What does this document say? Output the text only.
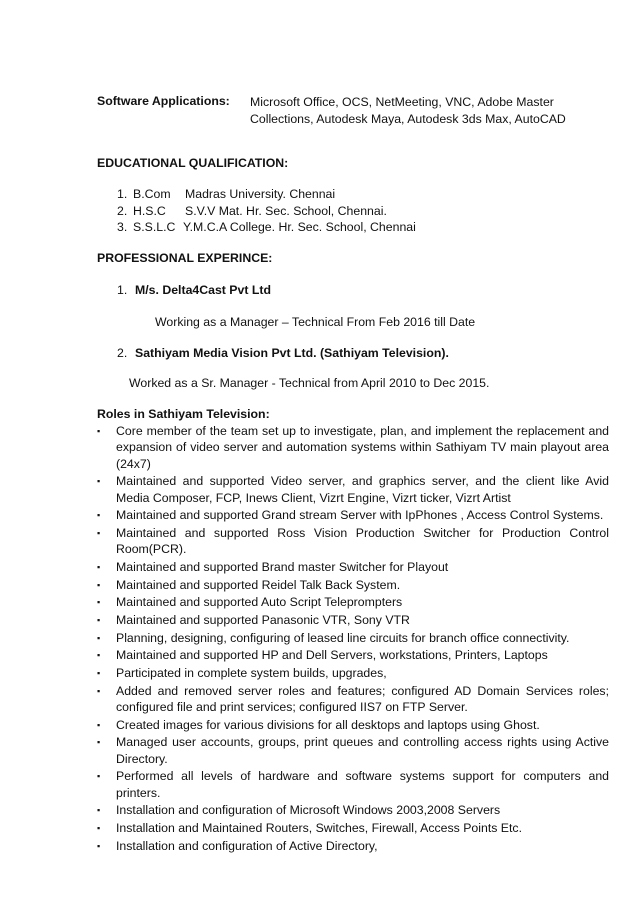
Software Applications: Microsoft Office, OCS, NetMeeting, VNC, Adobe Master Collections, Autodesk Maya, Autodesk 3ds Max, AutoCAD
EDUCATIONAL QUALIFICATION:
1. B.Com Madras University. Chennai
2. H.S.C S.V.V Mat. Hr. Sec. School, Chennai.
3. S.S.L.C Y.M.C.A College. Hr. Sec. School, Chennai
PROFESSIONAL EXPERINCE:
1. M/s. Delta4Cast Pvt Ltd
Working as a Manager – Technical From Feb 2016 till Date
2. Sathiyam Media Vision Pvt Ltd. (Sathiyam Television).
Worked as a Sr. Manager - Technical from April 2010 to Dec 2015.
Roles in Sathiyam Television:
▪ Core member of the team set up to investigate, plan, and implement the replacement and expansion of video server and automation systems within Sathiyam TV main playout area (24x7)
▪ Maintained and supported Video server, and graphics server, and the client like Avid Media Composer, FCP, Inews Client, Vizrt Engine, Vizrt ticker, Vizrt Artist
▪ Maintained and supported Grand stream Server with IpPhones , Access Control Systems.
▪ Maintained and supported Ross Vision Production Switcher for Production Control Room(PCR).
▪ Maintained and supported Brand master Switcher for Playout
▪ Maintained and supported Reidel Talk Back System.
▪ Maintained and supported Auto Script Teleprompters
▪ Maintained and supported Panasonic VTR, Sony VTR
▪ Planning, designing, configuring of leased line circuits for branch office connectivity.
▪ Maintained and supported HP and Dell Servers, workstations, Printers, Laptops
▪ Participated in complete system builds, upgrades,
▪ Added and removed server roles and features; configured AD Domain Services roles; configured file and print services; configured IIS7 on FTP Server.
▪ Created images for various divisions for all desktops and laptops using Ghost.
▪ Managed user accounts, groups, print queues and controlling access rights using Active Directory.
▪ Performed all levels of hardware and software systems support for computers and printers.
▪ Installation and configuration of Microsoft Windows 2003,2008 Servers
▪ Installation and Maintained Routers, Switches, Firewall, Access Points Etc.
▪ Installation and configuration of Active Directory,
